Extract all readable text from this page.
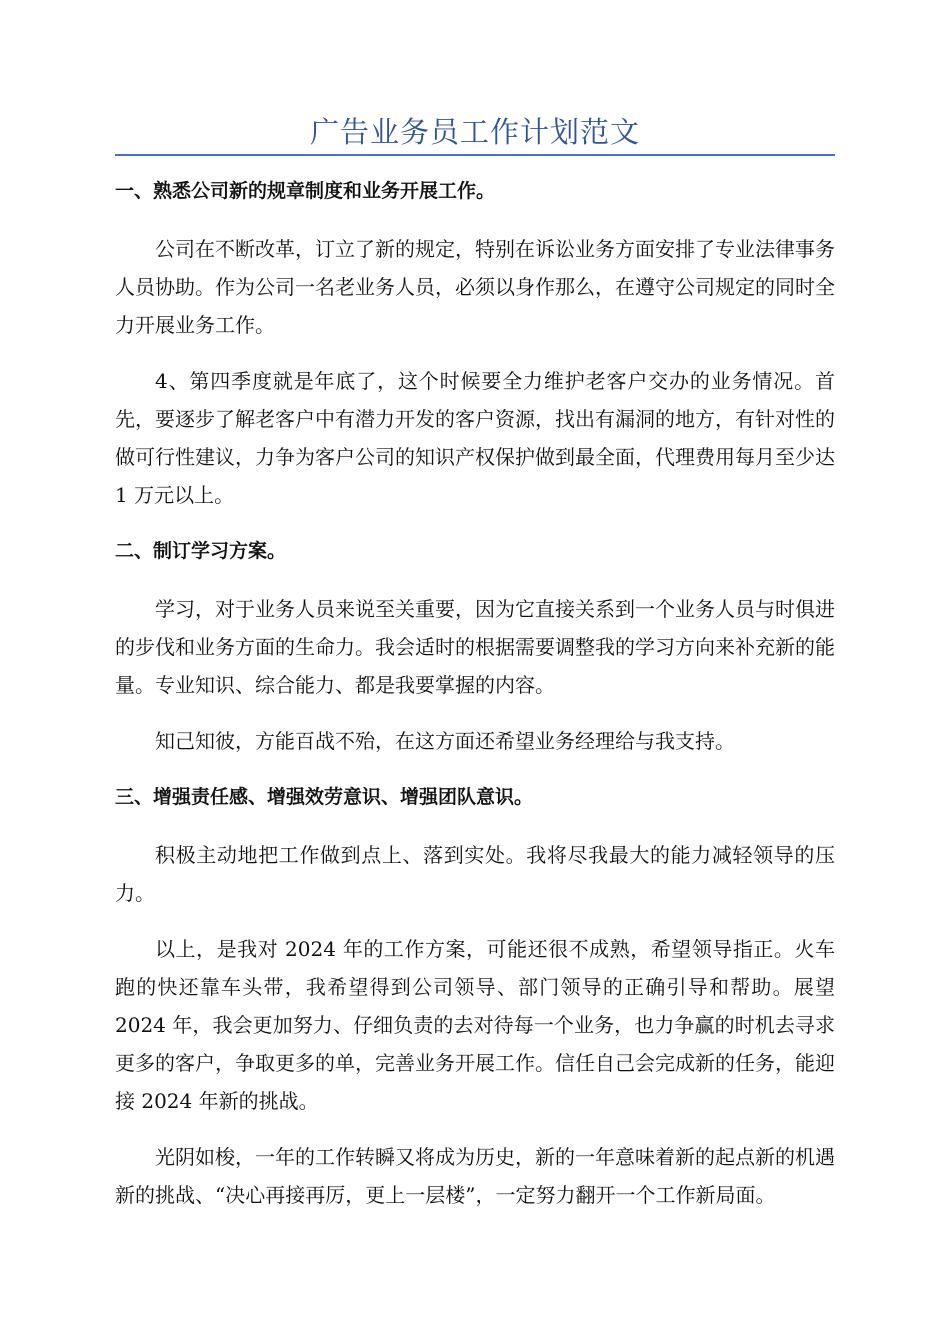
广告业务员工作计划范文
一、熟悉公司新的规章制度和业务开展工作。

公司在不断改革，订立了新的规定，特别在诉讼业务方面安排了专业法律事务人员协助。作为公司一名老业务人员，必须以身作那么，在遵守公司规定的同时全力开展业务工作。

4、第四季度就是年底了，这个时候要全力维护老客户交办的业务情况。首先，要逐步了解老客户中有潜力开发的客户资源，找出有漏洞的地方，有针对性的做可行性建议，力争为客户公司的知识产权保护做到最全面，代理费用每月至少达 1 万元以上。

二、制订学习方案。

学习，对于业务人员来说至关重要，因为它直接关系到一个业务人员与时俱进的步伐和业务方面的生命力。我会适时的根据需要调整我的学习方向来补充新的能量。专业知识、综合能力、都是我要掌握的内容。

知己知彼，方能百战不殆，在这方面还希望业务经理给与我支持。

三、增强责任感、增强效劳意识、增强团队意识。

积极主动地把工作做到点上、落到实处。我将尽我最大的能力减轻领导的压力。

以上，是我对 2024 年的工作方案，可能还很不成熟，希望领导指正。火车跑的快还靠车头带，我希望得到公司领导、部门领导的正确引导和帮助。展望 2024 年，我会更加努力、仔细负责的去对待每一个业务，也力争赢的时机去寻求更多的客户，争取更多的单，完善业务开展工作。信任自己会完成新的任务，能迎接 2024 年新的挑战。

光阴如梭，一年的工作转瞬又将成为历史，新的一年意味着新的起点新的机遇新的挑战、“决心再接再厉，更上一层楼”，一定努力翻开一个工作新局面。
